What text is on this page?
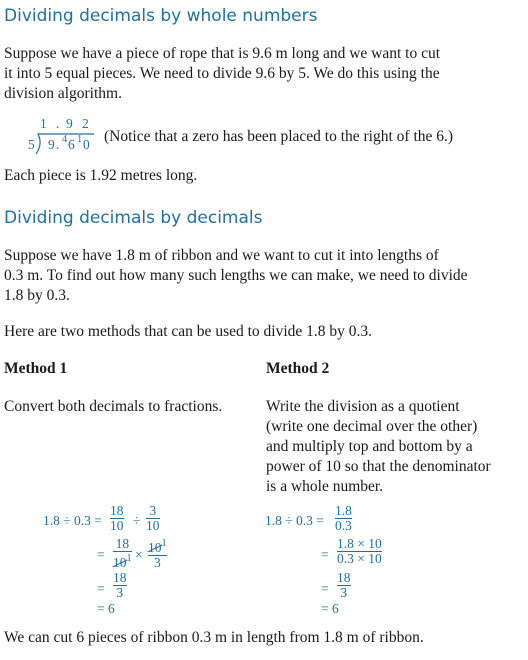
Dividing decimals by whole numbers
Suppose we have a piece of rope that is 9.6 m long and we want to cut
it into 5 equal pieces. We need to divide 9.6 by 5. We do this using the
division algorithm.
1 . 9 2
5 9 . 4 6 1 0 (Notice that a zero has been placed to the right of the 6.)
Each piece is 1.92 metres long.
Dividing decimals by decimals
Suppose we have 1.8 m of ribbon and we want to cut it into lengths of
0.3 m. To find out how many such lengths we can make, we need to divide
1.8 by 0.3.
Here are two methods that can be used to divide 1.8 by 0.3.
Method 1
Convert both decimals to fractions.
1.8 ÷ 0.3 =
18
10 ÷
3
10
=
18
$10^1 \times 10^1$
3
=
18
3
= 6
Method 2
Write the division as a quotient
(write one decimal over the other)
and multiply top and bottom by a
power of 10 so that the denominator
is a whole number.
1.8 ÷ 0.3 =
1.8
0.3
=
1.8 × 10
0.3 × 10
=
18
3
= 6
We can cut 6 pieces of ribbon 0.3 m in length from 1.8 m of ribbon.
